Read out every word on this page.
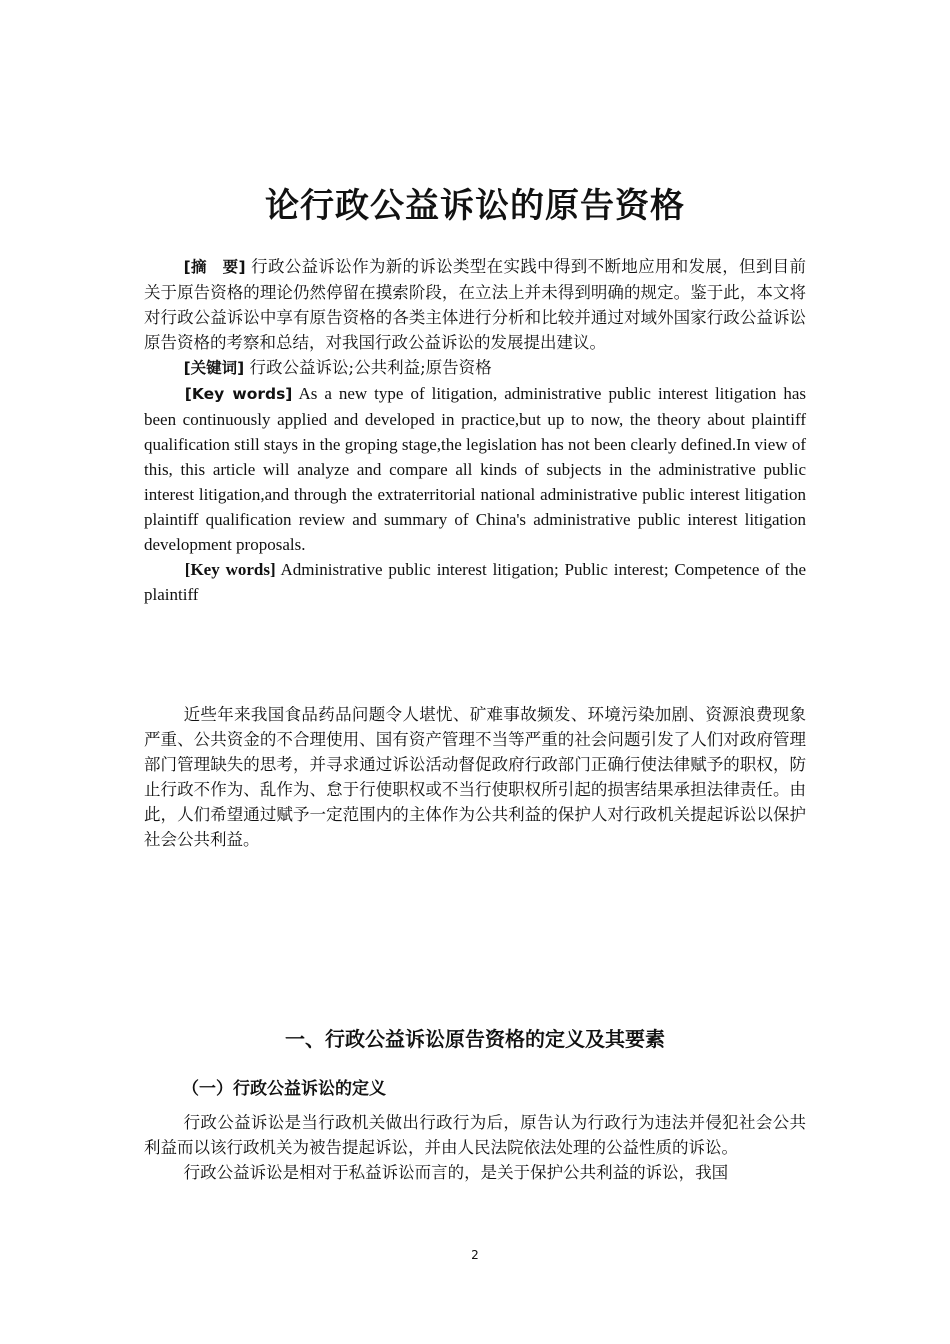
论行政公益诉讼的原告资格

[摘　要] 行政公益诉讼作为新的诉讼类型在实践中得到不断地应用和发展，但到目前关于原告资格的理论仍然停留在摸索阶段，在立法上并未得到明确的规定。鉴于此，本文将对行政公益诉讼中享有原告资格的各类主体进行分析和比较并通过对域外国家行政公益诉讼原告资格的考察和总结，对我国行政公益诉讼的发展提出建议。

[关键词] 行政公益诉讼;公共利益;原告资格

[Key words] As a new type of litigation, administrative public interest litigation has been continuously applied and developed in practice,but up to now, the theory about plaintiff qualification still stays in the groping stage,the legislation has not been clearly defined.In view of this, this article will analyze and compare all kinds of subjects in the administrative public interest litigation,and through the extraterritorial national administrative public interest litigation plaintiff qualification review and summary of China's administrative public interest litigation development proposals.

[Key words] Administrative public interest litigation; Public interest; Competence of the plaintiff

近些年来我国食品药品问题令人堪忧、矿难事故频发、环境污染加剧、资源浪费现象严重、公共资金的不合理使用、国有资产管理不当等严重的社会问题引发了人们对政府管理部门管理缺失的思考，并寻求通过诉讼活动督促政府行政部门正确行使法律赋予的职权，防止行政不作为、乱作为、怠于行使职权或不当行使职权所引起的损害结果承担法律责任。由此，人们希望通过赋予一定范围内的主体作为公共利益的保护人对行政机关提起诉讼以保护社会公共利益。

一、行政公益诉讼原告资格的定义及其要素
（一）行政公益诉讼的定义

行政公益诉讼是当行政机关做出行政行为后，原告认为行政行为违法并侵犯社会公共利益而以该行政机关为被告提起诉讼，并由人民法院依法处理的公益性质的诉讼。

行政公益诉讼是相对于私益诉讼而言的，是关于保护公共利益的诉讼，我国

2
